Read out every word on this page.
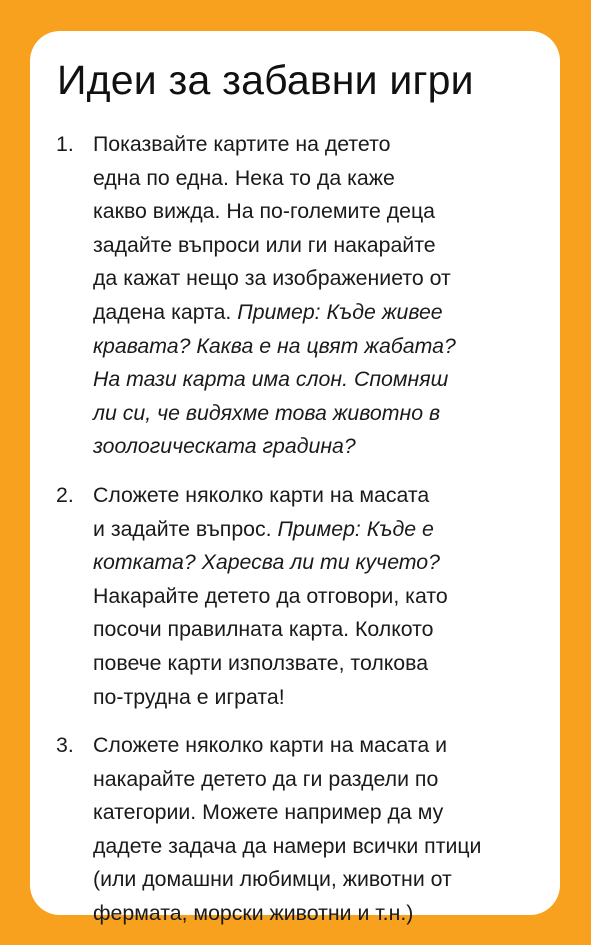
Идеи за забавни игри
1. Показвайте картите на детето
една по една. Нека то да каже
какво вижда. На по-големите деца
задайте въпроси или ги накарайте
да кажат нещо за изображението от
дадена карта. Пример: Къде живее
кравата? Каква е на цвят жабата?
На тази карта има слон. Спомняш
ли си, че видяхме това животно в
зоологическата градина?
2. Сложете няколко карти на масата
и задайте въпрос. Пример: Къде е
котката? Харесва ли ти кучето?
Накарайте детето да отговори, като
посочи правилната карта. Колкото
повече карти използвате, толкова
по-трудна е играта!
3. Сложете няколко карти на масата и
накарайте детето да ги раздели по
категории. Можете например да му
дадете задача да намери всички птици
(или домашни любимци, животни от
фермата, морски животни и т.н.)
